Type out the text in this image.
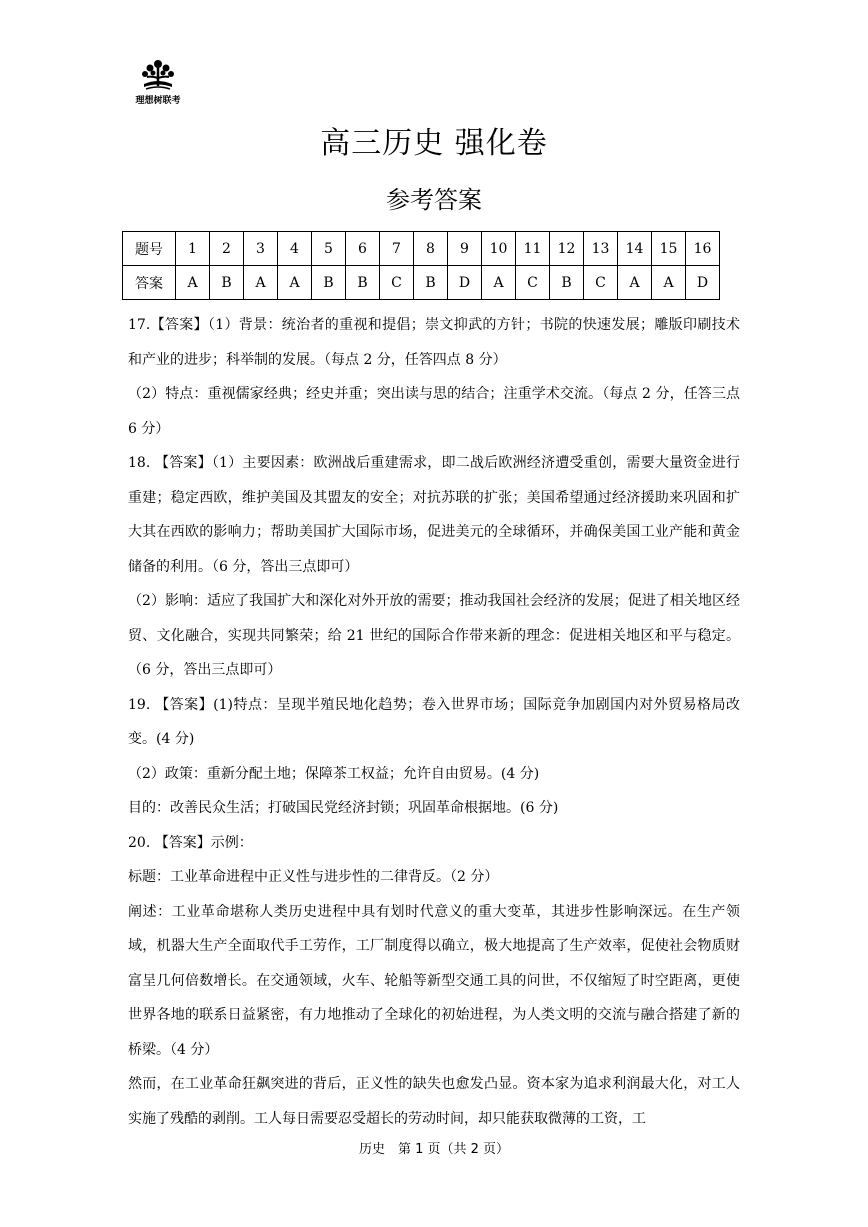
理想树联考
高三历史 强化卷
参考答案
题号	1	2	3	4	5	6	7	8	9	10	11	12	13	14	15	16
答案	A	B	A	A	B	B	C	B	D	A	C	B	C	A	A	D

17.【答案】（1）背景：统治者的重视和提倡；崇文抑武的方针；书院的快速发展；雕版印刷技术和产业的进步；科举制的发展。（每点 2 分，任答四点 8 分）

（2）特点：重视儒家经典；经史并重；突出读与思的结合；注重学术交流。（每点 2 分，任答三点 6 分）

18. 【答案】（1）主要因素：欧洲战后重建需求，即二战后欧洲经济遭受重创，需要大量资金进行重建；稳定西欧，维护美国及其盟友的安全；对抗苏联的扩张；美国希望通过经济援助来巩固和扩大其在西欧的影响力；帮助美国扩大国际市场，促进美元的全球循环，并确保美国工业产能和黄金储备的利用。（6 分，答出三点即可）

（2）影响：适应了我国扩大和深化对外开放的需要；推动我国社会经济的发展；促进了相关地区经贸、文化融合，实现共同繁荣；给 21 世纪的国际合作带来新的理念：促进相关地区和平与稳定。（6 分，答出三点即可）

19. 【答案】(1)特点：呈现半殖民地化趋势；卷入世界市场；国际竞争加剧国内对外贸易格局改变。(4 分)

（2）政策：重新分配土地；保障茶工权益；允许自由贸易。(4 分)

目的：改善民众生活；打破国民党经济封锁；巩固革命根据地。(6 分)

20. 【答案】示例：

标题：工业革命进程中正义性与进步性的二律背反。（2 分）

阐述：工业革命堪称人类历史进程中具有划时代意义的重大变革，其进步性影响深远。在生产领域，机器大生产全面取代手工劳作，工厂制度得以确立，极大地提高了生产效率，促使社会物质财富呈几何倍数增长。在交通领域，火车、轮船等新型交通工具的问世，不仅缩短了时空距离，更使世界各地的联系日益紧密，有力地推动了全球化的初始进程，为人类文明的交流与融合搭建了新的桥梁。（4 分）

然而，在工业革命狂飙突进的背后，正义性的缺失也愈发凸显。资本家为追求利润最大化，对工人实施了残酷的剥削。工人每日需要忍受超长的劳动时间，却只能获取微薄的工资，工

历史　第 1 页（共 2 页）
